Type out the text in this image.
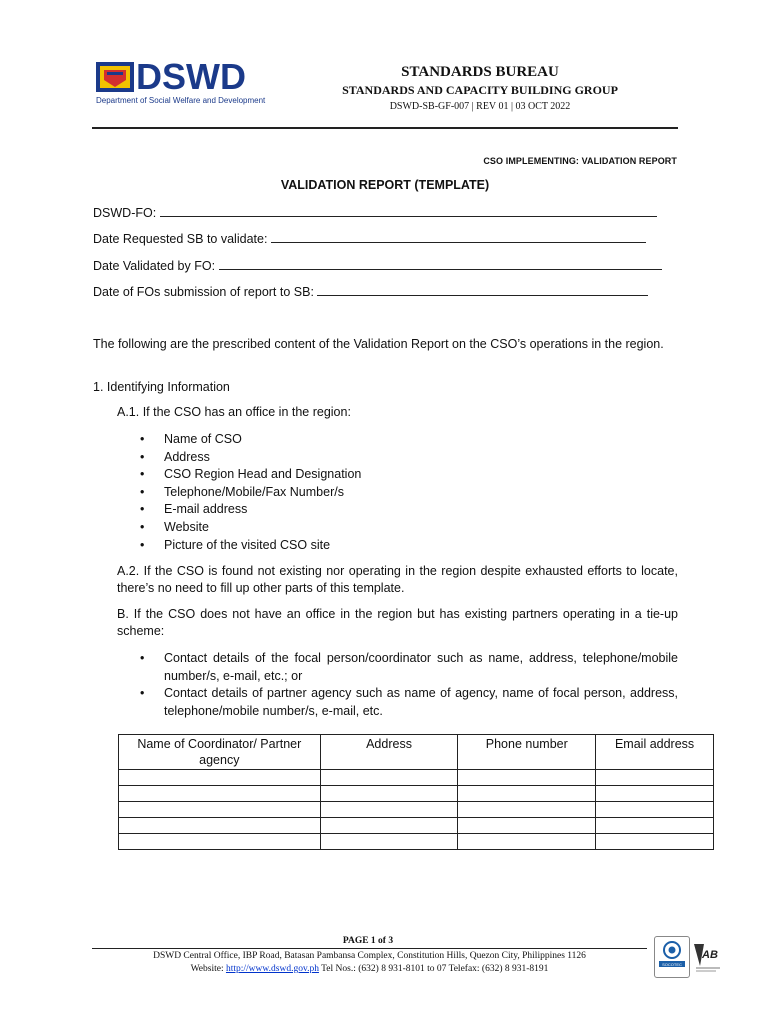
DSWD
Department of Social Welfare and Development
STANDARDS BUREAU
STANDARDS AND CAPACITY BUILDING GROUP
DSWD-SB-GF-007 | REV 01 | 03 OCT 2022
CSO IMPLEMENTING: VALIDATION REPORT
VALIDATION REPORT (TEMPLATE)
DSWD-FO:
Date Requested SB to validate:
Date Validated by FO:
Date of FOs submission of report to SB:
The following are the prescribed content of the Validation Report on the CSO’s operations in the region.
1. Identifying Information
A.1. If the CSO has an office in the region:
• Name of CSO
• Address
• CSO Region Head and Designation
• Telephone/Mobile/Fax Number/s
• E-mail address
• Website
• Picture of the visited CSO site
A.2. If the CSO is found not existing nor operating in the region despite exhausted efforts to locate, there’s no need to fill up other parts of this template.
B. If the CSO does not have an office in the region but has existing partners operating in a tie-up scheme:
• Contact details of the focal person/coordinator such as name, address, telephone/mobile number/s, e-mail, etc.; or
• Contact details of partner agency such as name of agency, name of focal person, address, telephone/mobile number/s, e-mail, etc.
Name of Coordinator/ Partner agency	Address	Phone number	Email address

PAGE 1 of 3
DSWD Central Office, IBP Road, Batasan Pambansa Complex, Constitution Hills, Quezon City, Philippines 1126
Website: http://www.dswd.gov.ph Tel Nos.: (632) 8 931-8101 to 07 Telefax: (632) 8 931-8191	SOCOTEC
AB
